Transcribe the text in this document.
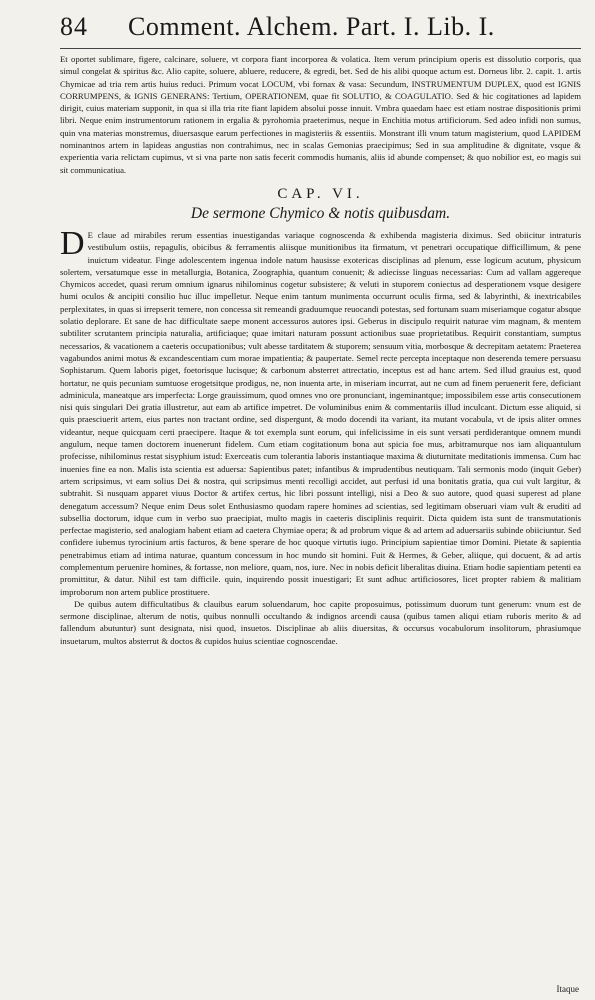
84 Comment. Alchem. Part. I. Lib. I.

Et oportet sublimare, figere, calcinare, soluere, vt corpora fiant incorporea & volatica. Item verum principium operis est dissolutio corporis, qua simul congelat & spiritus &c. Alio capite, soluere, abluere, reducere, & egredi, bet. Sed de his alibi quoque actum est. Dorneus libr. 2. capit. 1. artis Chymicae ad tria rem artis huius reduci. Primum vocat LOCUM, vbi fornax & vasa: Secundum, INSTRUMENTUM DUPLEX, quod est IGNIS CORRUMPENS, & IGNIS GENERANS: Tertium, OPERATIONEM, quae fit SOLUTIO, & COAGULATIO. Sed & hic cogitationes ad lapidem dirigit, cuius materiam supponit, in qua si illa tria rite fiant lapidem absolui posse innuit. Vmbra quaedam haec est etiam nostrae dispositionis primi libri. Neque enim instrumentorum rationem in ergalia & pyrohomia praeterimus, neque in Enchitia motus artificiorum. Sed adeo infidi non sumus, quin vna materias monstremus, diuersasque earum perfectiones in magisteriis & essentiis. Monstrant illi vnum tatum magisterium, quod LAPIDEM nominantnos artem in lapideas angustias non contrahimus, nec in scalas Gemonias praecipimus; Sed in sua amplitudine & dignitate, vsque & experientia varia relictam cupimus, vt si vna parte non satis fecerit commodis humanis, aliis id abunde compenset; & quo nobilior est, eo magis sui sit communicatiua.

CAP. VI.
De sermone Chymico & notis quibusdam.

D E claue ad mirabiles rerum essentias inuestigandas variaque cognoscenda & exhibenda magisteria diximus. Sed obiicitur intraturis vestibulum ostiis, repagulis, obicibus & ferramentis aliisque munitionibus ita firmatum, vt penetrari occupatique difficillimum, & pene inuictum videatur. Finge adolescentem ingenua indole natum hausisse exotericas disciplinas ad plenum, esse logicum acutum, physicum solertem, versatumque esse in metallurgia, Botanica, Zoographia, quantum conuenit; & adiecisse linguas necessarias: Cum ad vallam aggereque Chymicos accedet, quasi rerum omnium ignarus nihilominus cogetur subsistere; & veluti in stuporem coniectus ad desperationem vsque desigere humi oculos & ancipiti consilio huc illuc impelletur. Neque enim tantum munimenta occurrunt oculis firma, sed & labyrinthi, & inextricabiles perplexitates, in quas si irrepserit temere, non concessa sit remeandi graduumque reuocandi potestas, sed fortunam suam miseriamque cogatur absque solatio deplorare. Et sane de hac difficultate saepe monent accessuros autores ipsi. Geberus in discipulo requirit naturae vim magnam, & mentem subtiliter scrutantem principia naturalia, artificiaque; quae imitari naturam possunt actionibus suae proprietatibus. Requirit constantiam, sumptus necessarios, & vacationem a caeteris occupationibus; vult abesse tarditatem & stuporem; sensuum vitia, morbosque & decrepitam aetatem: Praeterea vagabundos animi motus & excandescentiam cum morae impatientia; & paupertate. Semel recte percepta inceptaque non deserenda temere persuasu Sophistarum. Quem laboris piget, foetorisque lucisque; & carbonum absterret attrectatio, inceptus est ad hanc artem. Sed illud grauius est, quod hortatur, ne quis pecuniam sumtuose erogetsitque prodigus, ne, non inuenta arte, in miseriam incurrat, aut ne cum ad finem peruenerit fere, deficiant adminicula, maneatque ars imperfecta: Lorge grauissimum, quod omnes vno ore pronunciant, ingeminantque; impossibilem esse artis consecutionem nisi quis singulari Dei gratia illustretur, aut eam ab artifice impetret. De voluminibus enim & commentariis illud inculcant. Dictum esse aliquid, si quis praesciuerit artem, eius partes non tractant ordine, sed dispergunt, & modo docendi ita variant, ita mutant vocabula, vt de ipsis aliter omnes videantur, neque quicquam certi praecipere. Itaque & tot exempla sunt eorum, qui infelicissime in eis sunt versati perdiderantque omnem mundi angulum, neque tamen doctorem inuenerunt fidelem. Cum etiam cogitationum bona aut spicia foe mus, arbitramurque nos iam aliquantulum profecisse, nihilominus restat sisyphium istud: Exerceatis cum tolerantia laboris instantiaque maxima & diuturnitate meditationis immensa. Cum hac inuenies fine ea non. Malis ista scientia est aduersa: Sapientibus patet; infantibus & imprudentibus neutiquam. Tali sermonis modo (inquit Geber) artem scripsimus, vt eam solius Dei & nostra, qui scripsimus menti recolligi accidet, aut perfusi id una bonitatis gratia, qua cui vult largitur, & subtrahit. Si nusquam apparet viuus Doctor & artifex certus, hic libri possunt intelligi, nisi a Deo & suo autore, quod quasi superest ad plane denegatum accessum? Neque enim Deus solet Enthusiasmo quodam rapere homines ad scientias, sed legitimam obseruari viam vult & eruditi ad subsellia doctorum, idque cum in verbo suo praecipiat, multo magis in caeteris disciplinis requirit. Dicta quidem ista sunt de transmutationis perfectae magisterio, sed analogiam habent etiam ad caetera Chymiae opera; & ad probrum vique & ad artem ad aduersariis subinde obiiciuntur. Sed confidere iubemus tyrocinium artis facturos, & bene sperare de hoc quoque virtutis iugo. Principium sapientiae timor Domini. Pietate & sapientia penetrabimus etiam ad intima naturae, quantum concessum in hoc mundo sit homini. Fuit & Hermes, & Geber, aliique, qui docuent, & ad artis complementum peruenire homines, & fortasse, non meliore, quam, nos, iure. Nec in nobis deficit liberalitas diuina. Etiam hodie sapientiam petenti ea promittitur, & datur. Nihil est tam difficile. quin, inquirendo possit inuestigari; Et sunt adhuc artificiosores, licet propter rabiem & malitiam improborum non artem publice prostituere.

De quibus autem difficultatibus & clauibus earum soluendarum, hoc capite proposuimus, potissimum duorum tunt generum: vnum est de sermone disciplinae, alterum de notis, quibus nonnulli occultando & indignos arcendi causa (quibus tamen aliqui etiam ruboris merito & ad fallendum abutuntur) sunt designata, nisi quod, insuetos. Disciplinae ab aliis diuersitas, & occursus vocabulorum insolitorum, phrasiumque insuetarum, multos absterrut & doctos & cupidos huius scientiae cognoscendae.

Itaque
